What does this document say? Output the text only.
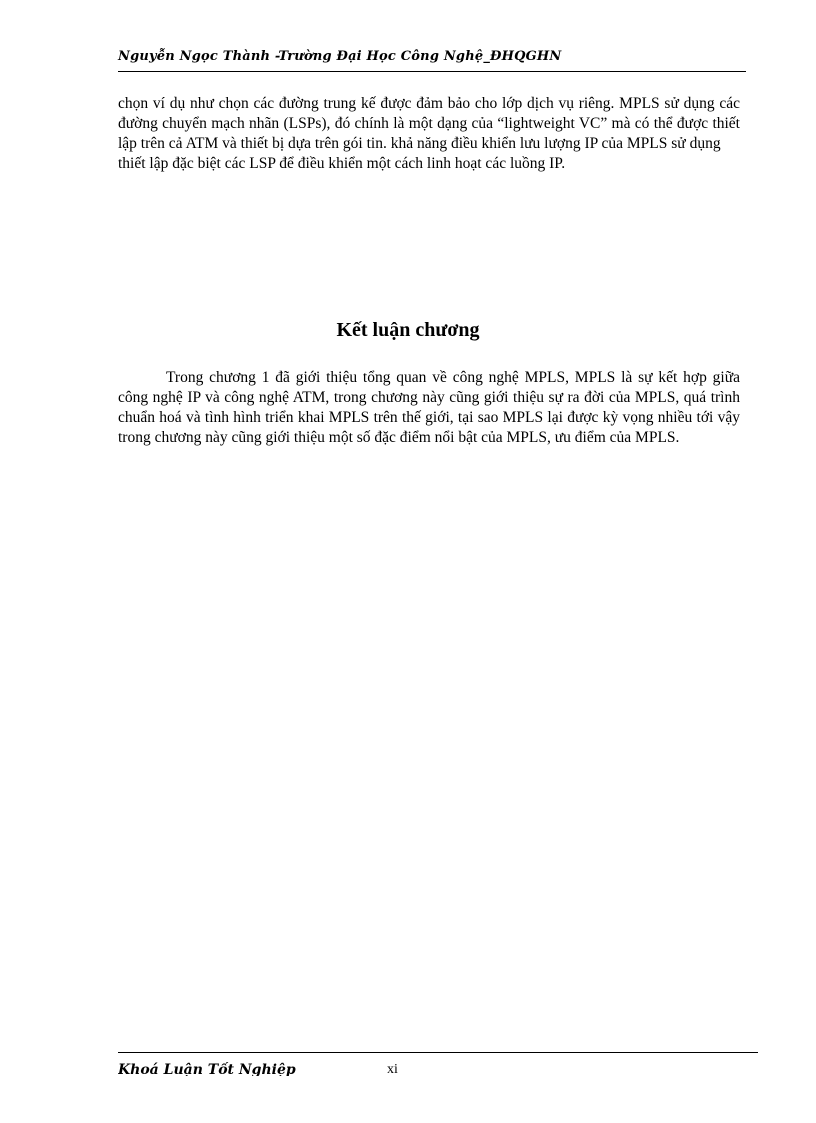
Nguyễn Ngọc Thành -Trường Đại Học Công Nghệ_ĐHQGHN

chọn ví dụ như chọn các đường trung kế được đảm bảo cho lớp dịch vụ riêng. MPLS sử dụng các đường chuyển mạch nhãn (LSPs), đó chính là một dạng của “lightweight VC” mà có thể được thiết lập trên cả ATM và thiết bị dựa trên gói tin. khả năng điều khiển lưu lượng IP của MPLS sử dụng

thiết lập đặc biệt các LSP để điều khiển một cách linh hoạt các luồng IP.

Kết luận chương
Trong chương 1 đã giới thiệu tổng quan về công nghệ MPLS, MPLS là sự kết hợp giữa công nghệ IP và công nghệ ATM, trong chương này cũng giới thiệu sự ra đời của MPLS, quá trình chuẩn hoá và tình hình triển khai MPLS trên thế giới, tại sao MPLS lại được kỳ vọng nhiều tới vậy trong chương này cũng giới thiệu một số đặc điểm nổi bật của MPLS, ưu điểm của MPLS.
Khoá Luận Tốt Nghiệp	xi
